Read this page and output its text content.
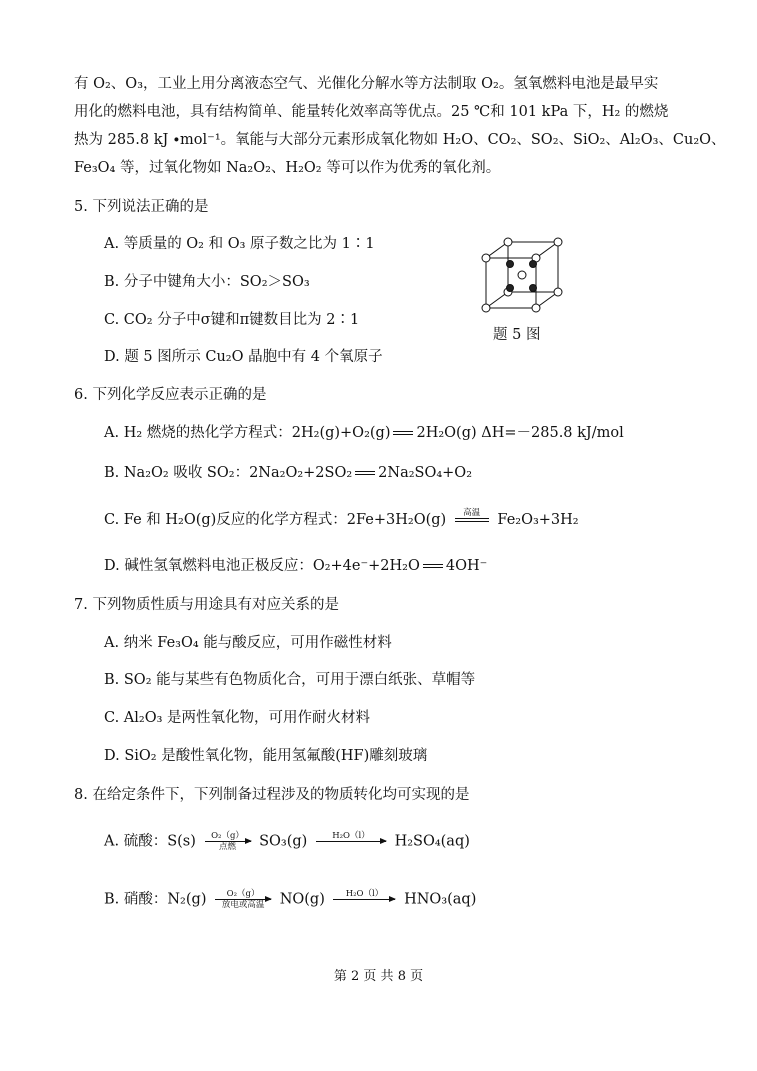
有 O₂、O₃，工业上用分离液态空气、光催化分解水等方法制取 O₂。氢氧燃料电池是最早实
用化的燃料电池，具有结构简单、能量转化效率高等优点。25 ℃和 101 kPa 下，H₂ 的燃烧
热为 285.8 kJ ∙mol⁻¹。氧能与大部分元素形成氧化物如 H₂O、CO₂、SO₂、SiO₂、Al₂O₃、Cu₂O、
Fe₃O₄ 等，过氧化物如 Na₂O₂、H₂O₂ 等可以作为优秀的氧化剂。
5. 下列说法正确的是
A. 等质量的 O₂ 和 O₃ 原子数之比为 1∶1
B. 分子中键角大小：SO₂＞SO₃
C. CO₂ 分子中σ键和π键数目比为 2∶1
D. 题 5 图所示 Cu₂O 晶胞中有 4 个氧原子
题 5 图
6. 下列化学反应表示正确的是
A. H₂ 燃烧的热化学方程式：2H₂(g)+O₂(g) 2H₂O(g) ΔH=－285.8 kJ/mol
B. Na₂O₂ 吸收 SO₂：2Na₂O₂+2SO₂ 2Na₂SO₄+O₂
C. Fe 和 H₂O(g)反应的化学方程式：2Fe+3H₂O(g)	高温
	Fe₂O₃+3H₂
D. 碱性氢氧燃料电池正极反应：O₂+4e⁻+2H₂O 4OH⁻
7. 下列物质性质与用途具有对应关系的是
A. 纳米 Fe₃O₄ 能与酸反应，可用作磁性材料
B. SO₂ 能与某些有色物质化合，可用于漂白纸张、草帽等
C. Al₂O₃ 是两性氧化物，可用作耐火材料
D. SiO₂ 是酸性氧化物，能用氢氟酸(HF)雕刻玻璃
8. 在给定条件下，下列制备过程涉及的物质转化均可实现的是
A. 硫酸：S(s)	O₂（g）
点燃	SO₃(g)	H₂O（l）
	H₂SO₄(aq)
B. 硝酸：N₂(g)	O₂（g）
放电或高温	NO(g)	H₂O（l）
	HNO₃(aq)
第 2 页 共 8 页
